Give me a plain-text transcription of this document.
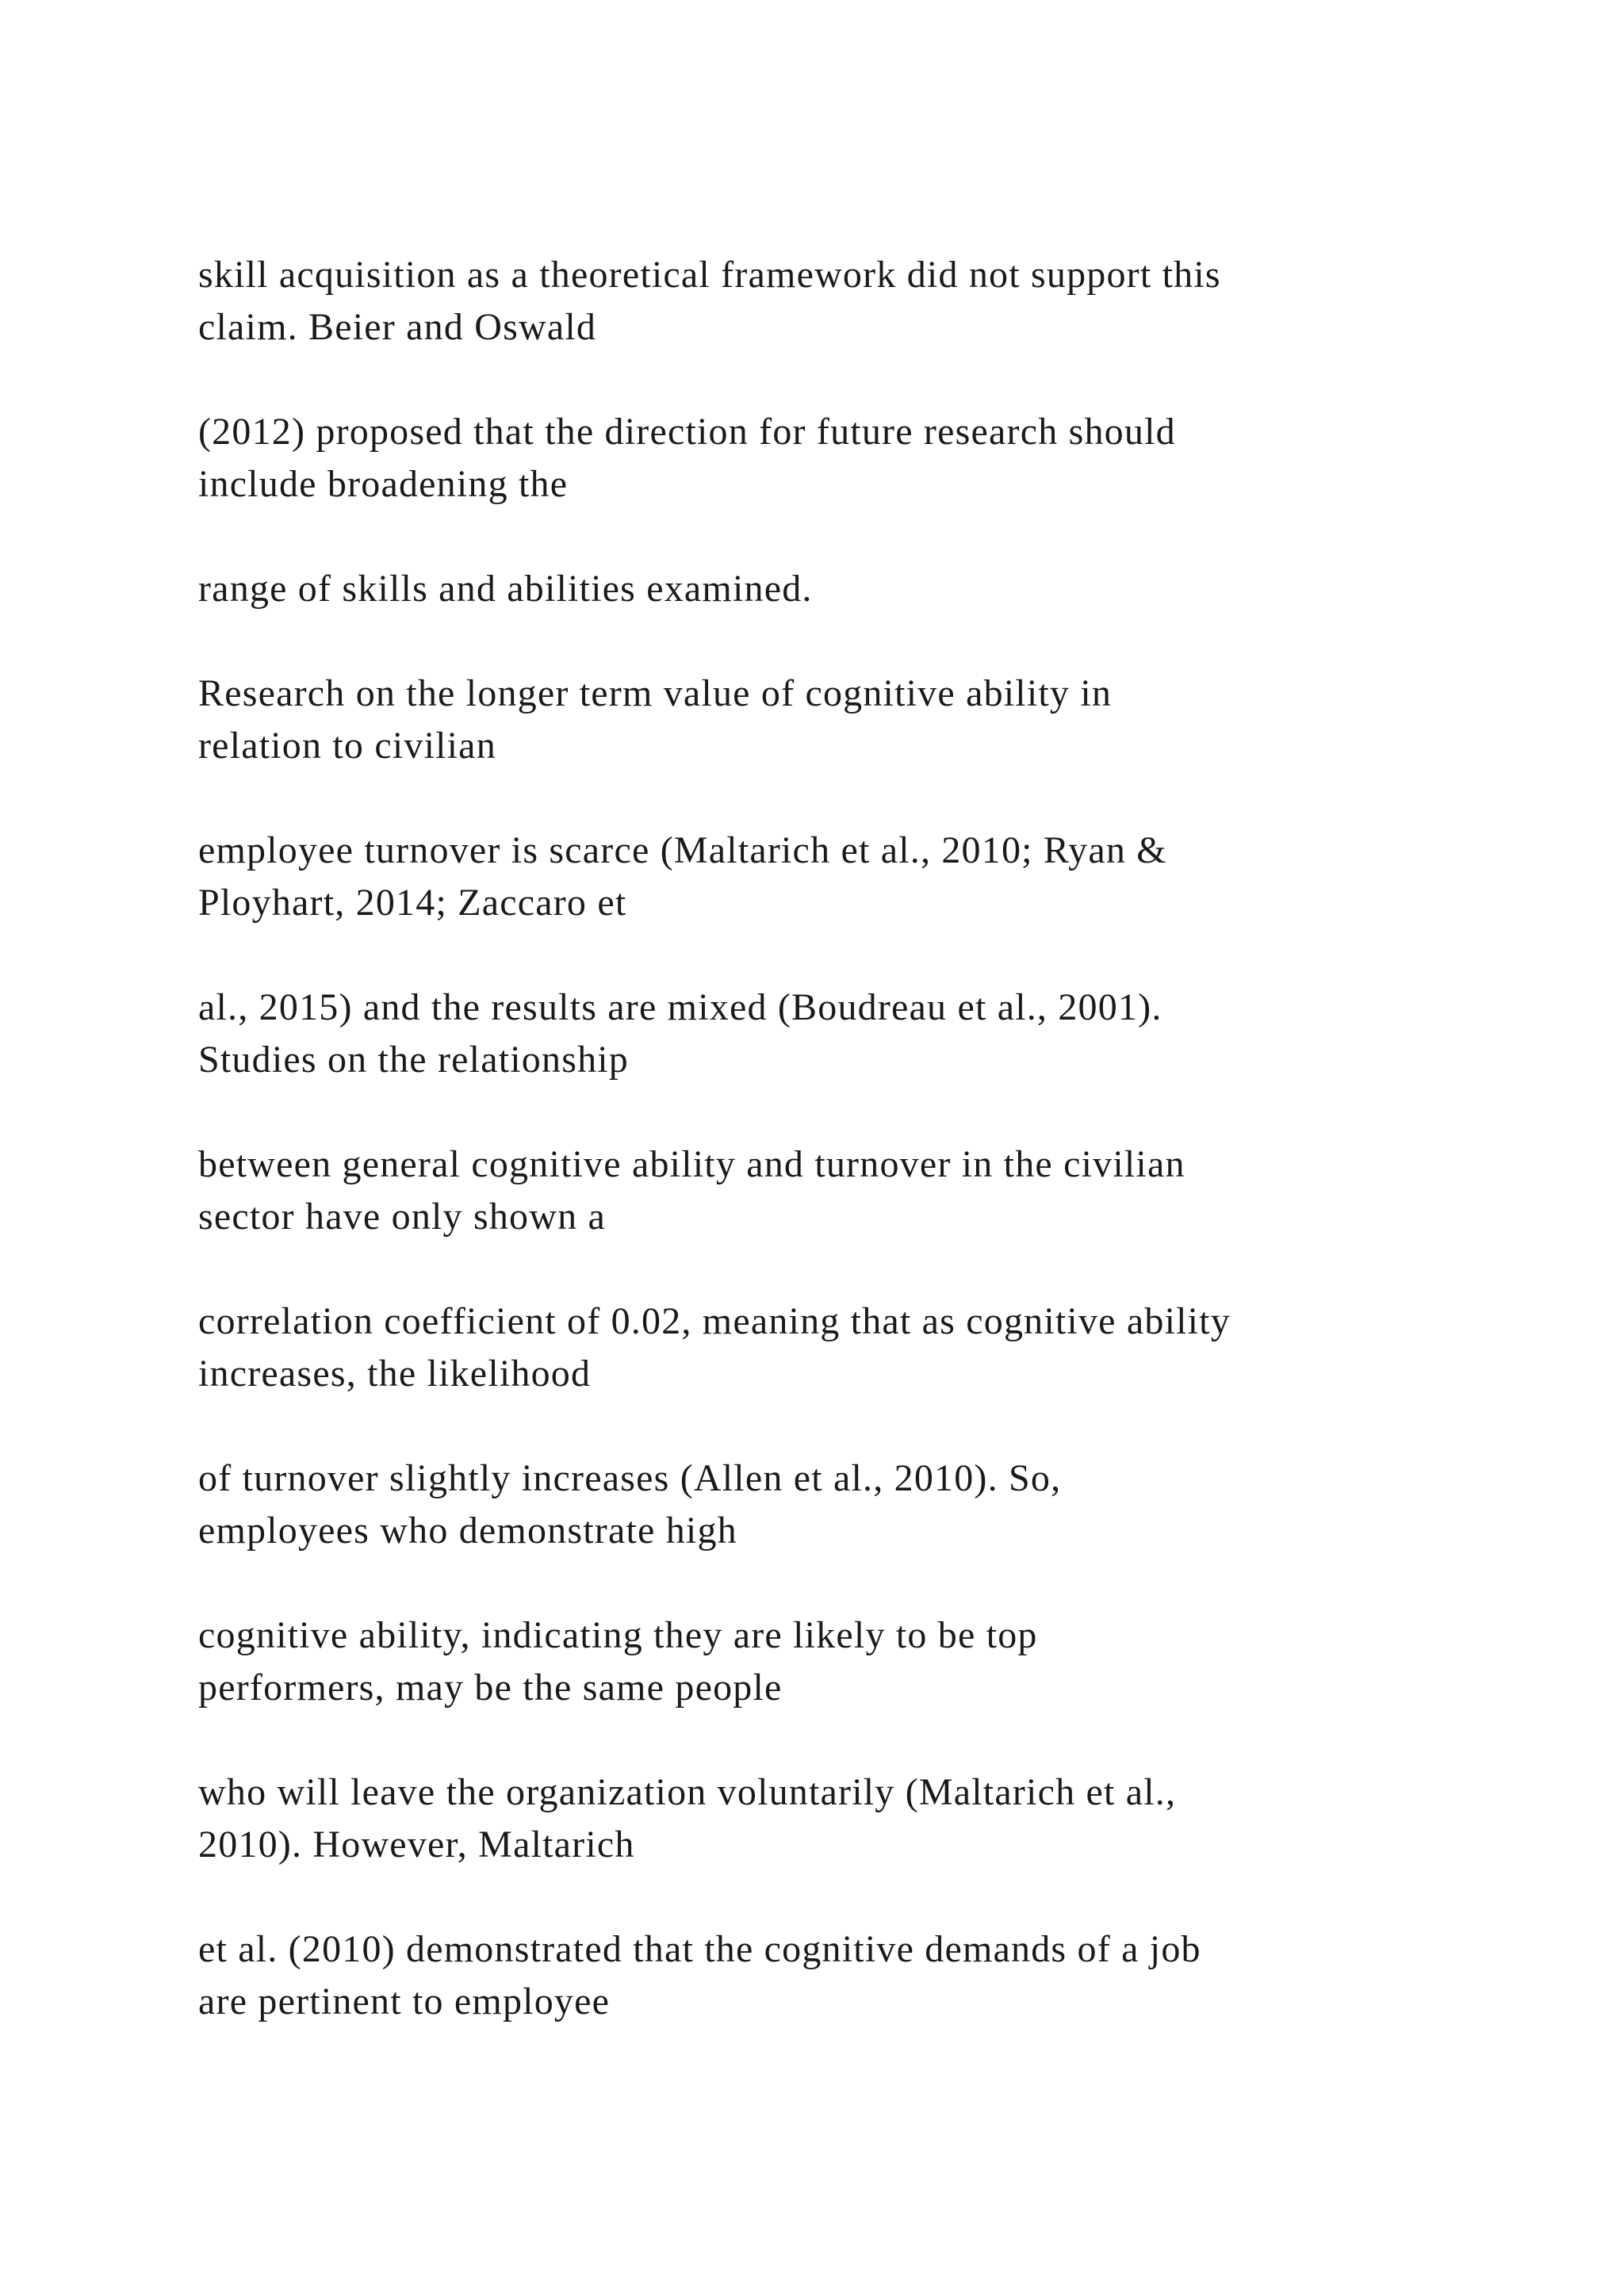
skill acquisition as a theoretical framework did not support this
claim. Beier and Oswald

(2012) proposed that the direction for future research should
include broadening the

range of skills and abilities examined.

Research on the longer term value of cognitive ability in
relation to civilian

employee turnover is scarce (Maltarich et al., 2010; Ryan &
Ployhart, 2014; Zaccaro et

al., 2015) and the results are mixed (Boudreau et al., 2001).
Studies on the relationship

between general cognitive ability and turnover in the civilian
sector have only shown a

correlation coefficient of 0.02, meaning that as cognitive ability
increases, the likelihood

of turnover slightly increases (Allen et al., 2010). So,
employees who demonstrate high

cognitive ability, indicating they are likely to be top
performers, may be the same people

who will leave the organization voluntarily (Maltarich et al.,
2010). However, Maltarich

et al. (2010) demonstrated that the cognitive demands of a job
are pertinent to employee
